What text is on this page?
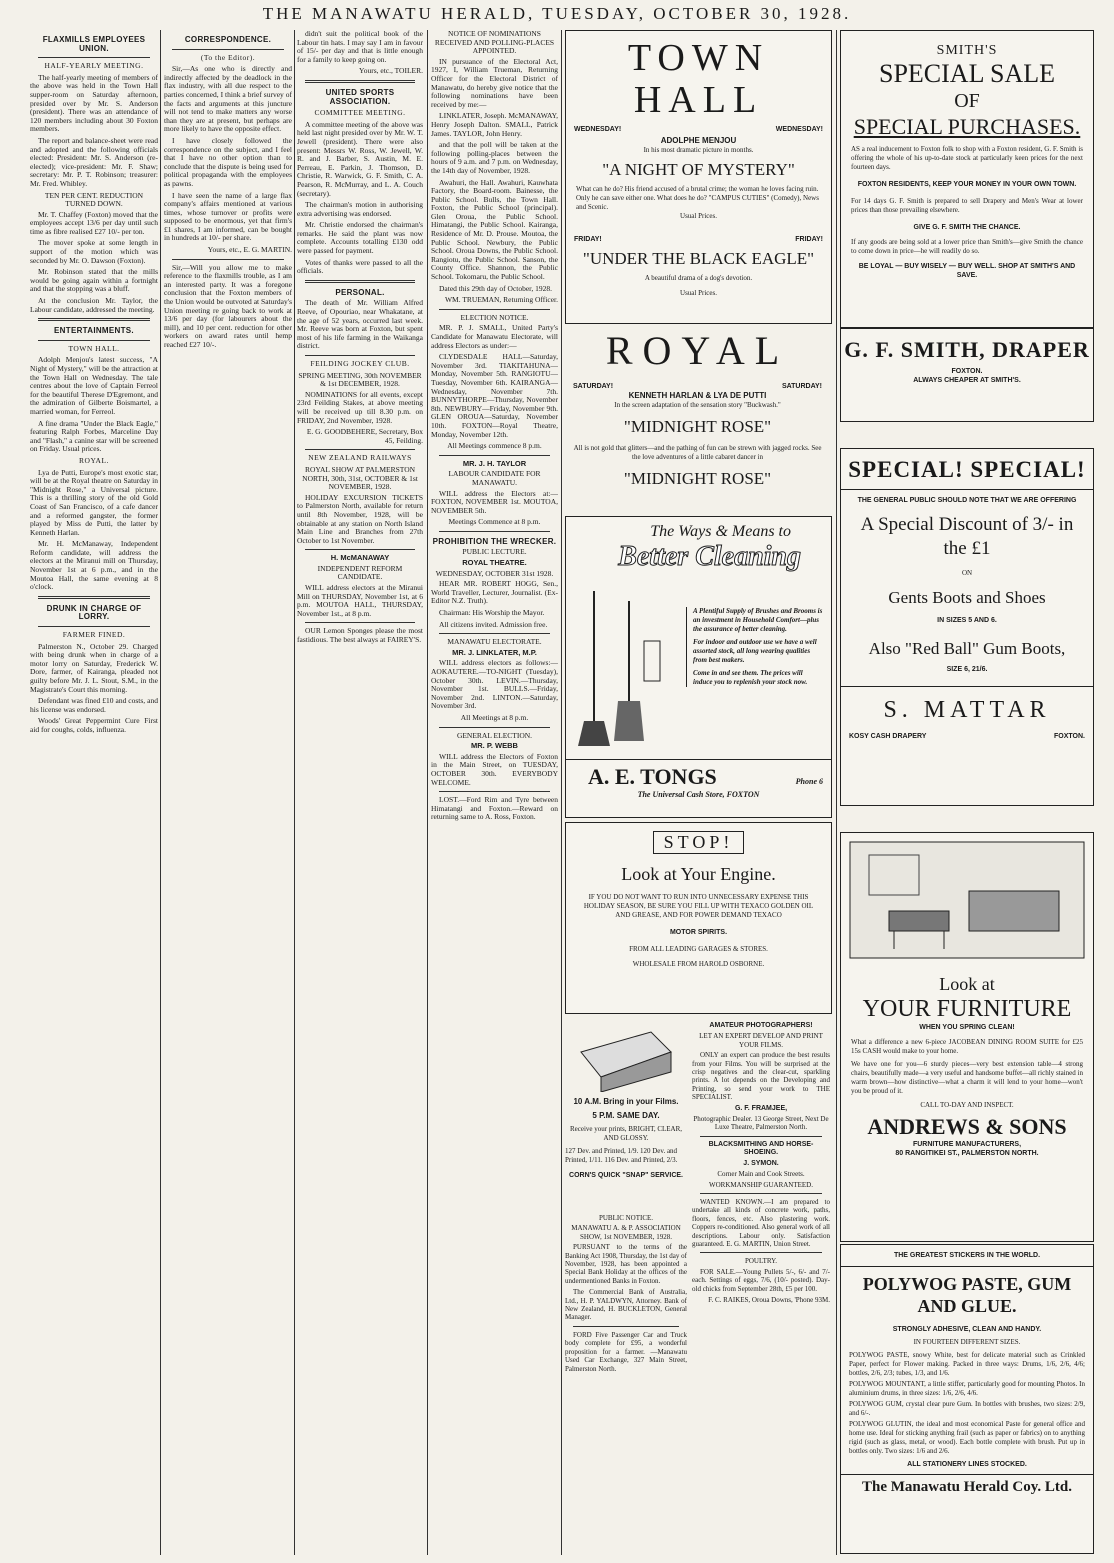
THE MANAWATU HERALD, TUESDAY, OCTOBER 30, 1928.
FLAXMILLS EMPLOYEES UNION.
HALF-YEARLY MEETING.

The half-yearly meeting of members of the above was held in the Town Hall supper-room on Saturday afternoon, presided over by Mr. S. Anderson (president). There was an attendance of 120 members including about 30 Foxton members.

The report and balance-sheet were read and adopted and the following officials elected: President: Mr. S. Anderson (re-elected); vice-president: Mr. F. Shaw; secretary: Mr. P. T. Robinson; treasurer: Mr. Fred. Whibley.

TEN PER CENT. REDUCTION TURNED DOWN.

Mr. T. Chaffey (Foxton) moved that the employees accept 13/6 per day until such time as fibre realised £27 10/- per ton.

The mover spoke at some length in support of the motion which was seconded by Mr. O. Dawson (Foxton).

Mr. Robinson stated that the mills would be going again within a fortnight and that the stopping was a bluff.

At the conclusion Mr. Taylor, the Labour candidate, addressed the meeting.

ENTERTAINMENTS.
TOWN HALL.

Adolph Menjou's latest success, "A Night of Mystery," will be the attraction at the Town Hall on Wednesday. The tale centres about the love of Captain Ferreol for the beautiful Therese D'Egremont, and the admiration of Gilberte Boismartel, a married woman, for Ferreol.

A fine drama "Under the Black Eagle," featuring Ralph Forbes, Marceline Day and "Flash," a canine star will be screened on Friday. Usual prices.

ROYAL.

Lya de Putti, Europe's most exotic star, will be at the Royal theatre on Saturday in "Midnight Rose," a Universal picture. This is a thrilling story of the old Gold Coast of San Francisco, of a cafe dancer and a reformed gangster, the former played by Miss de Putti, the latter by Kenneth Harlan.

Mr. H. McManaway, Independent Reform candidate, will address the electors at the Miranui mill on Thursday, November 1st at 6 p.m., and in the Moutoa Hall, the same evening at 8 o'clock.

DRUNK IN CHARGE OF LORRY.
FARMER FINED.

Palmerston N., October 29. Charged with being drunk when in charge of a motor lorry on Saturday, Frederick W. Dore, farmer, of Kairanga, pleaded not guilty before Mr. J. L. Stout, S.M., in the Magistrate's Court this morning.

Defendant was fined £10 and costs, and his license was endorsed.

Woods' Great Peppermint Cure First aid for coughs, colds, influenza.

CORRESPONDENCE.
(To the Editor).

Sir,—As one who is directly and indirectly affected by the deadlock in the flax industry, with all due respect to the parties concerned, I think a brief survey of the facts and arguments at this juncture will not tend to make matters any worse than they are at present, but perhaps are more likely to have the opposite effect.

I have closely followed the correspondence on the subject, and I feel that I have no other option than to conclude that the dispute is being used for political propaganda with the employees as pawns.

I have seen the name of a large flax company's affairs mentioned at various times, whose turnover or profits were supposed to be enormous, yet that firm's £1 shares, I am informed, can be bought in hundreds at 10/- per share.

Yours, etc., E. G. MARTIN.

Sir,—Will you allow me to make reference to the flaxmills trouble, as I am an interested party. It was a foregone conclusion that the Foxton members of the Union would be outvoted at Saturday's Union meeting re going back to work at 13/6 per day (for labourers about the mill), and 10 per cent. reduction for other workers on award rates until hemp reached £27 10/-.

didn't suit the political book of the Labour tin hats. I may say I am in favour of 15/- per day and that is little enough for a family to keep going on.

Yours, etc., TOILER.

UNITED SPORTS ASSOCIATION.
COMMITTEE MEETING.

A committee meeting of the above was held last night presided over by Mr. W. T. Jewell (president). There were also present: Messrs W. Ross, W. Jewell, W. R. and J. Barber, S. Austin, M. E. Perreau, E. Parkin, J. Thomson, D. Christie, R. Warwick, G. F. Smith, C. A. Pearson, R. McMurray, and L. A. Couch (secretary).

The chairman's motion in authorising extra advertising was endorsed.

Mr. Christie endorsed the chairman's remarks. He said the plant was now complete. Accounts totalling £130 odd were passed for payment.

Votes of thanks were passed to all the officials.

PERSONAL.

The death of Mr. William Alfred Reeve, of Opouriao, near Whakatane, at the age of 52 years, occurred last week. Mr. Reeve was born at Foxton, but spent most of his life farming in the Waikanga district.

FEILDING JOCKEY CLUB.

SPRING MEETING, 30th NOVEMBER & 1st DECEMBER, 1928.

NOMINATIONS for all events, except 23rd Feilding Stakes, at above meeting will be received up till 8.30 p.m. on FRIDAY, 2nd November, 1928.

E. G. GOODBEHERE, Secretary, Box 45, Feilding.

NEW ZEALAND RAILWAYS

ROYAL SHOW AT PALMERSTON NORTH, 30th, 31st, OCTOBER & 1st NOVEMBER, 1928.

HOLIDAY EXCURSION TICKETS to Palmerston North, available for return until 8th November, 1928, will be obtainable at any station on North Island Main Line and Branches from 27th October to 1st November.

H. McMANAWAY

INDEPENDENT REFORM CANDIDATE.

WILL address electors at the Miranui Mill on THURSDAY, November 1st, at 6 p.m. MOUTOA HALL, THURSDAY, November 1st., at 8 p.m.

OUR Lemon Sponges please the most fastidious. The best always at FAIREY'S.

NOTICE OF NOMINATIONS RECEIVED AND POLLING-PLACES APPOINTED.

IN pursuance of the Electoral Act, 1927, I, William Trueman, Returning Officer for the Electoral District of Manawatu, do hereby give notice that the following nominations have been received by me:—

LINKLATER, Joseph. McMANAWAY, Henry Joseph Dalton. SMALL, Patrick James. TAYLOR, John Henry.

and that the poll will be taken at the following polling-places between the hours of 9 a.m. and 7 p.m. on Wednesday, the 14th day of November, 1928.

Awahuri, the Hall. Awahuri, Kauwhata Factory, the Board-room. Bainesse, the Public School. Bulls, the Town Hall. Foxton, the Public School (principal). Glen Oroua, the Public School. Himatangi, the Public School. Kairanga, Residence of Mr. D. Prouse. Moutoa, the Public School. Newbury, the Public School. Oroua Downs, the Public School. Rangiotu, the Public School. Sanson, the County Office. Shannon, the Public School. Tokomaru, the Public School.

Dated this 29th day of October, 1928.

WM. TRUEMAN, Returning Officer.

ELECTION NOTICE.

MR. P. J. SMALL, United Party's Candidate for Manawatu Electorate, will address Electors as under:—

CLYDESDALE HALL—Saturday, November 3rd. TIAKITAHUNA—Monday, November 5th. RANGIOTU—Tuesday, November 6th. KAIRANGA—Wednesday, November 7th. BUNNYTHORPE—Thursday, November 8th. NEWBURY—Friday, November 9th. GLEN OROUA—Saturday, November 10th. FOXTON—Royal Theatre, Monday, November 12th.

All Meetings commence 8 p.m.

MR. J. H. TAYLOR

LABOUR CANDIDATE FOR MANAWATU.

WILL address the Electors at:— FOXTON, NOVEMBER 1st. MOUTOA, NOVEMBER 5th.

Meetings Commence at 8 p.m.

PROHIBITION THE WRECKER.

PUBLIC LECTURE.

ROYAL THEATRE.

WEDNESDAY, OCTOBER 31st 1928.

HEAR MR. ROBERT HOGG, Sen., World Traveller, Lecturer, Journalist. (Ex-Editor N.Z. Truth).

Chairman: His Worship the Mayor.

All citizens invited. Admission free.

MANAWATU ELECTORATE.

MR. J. LINKLATER, M.P.

WILL address electors as follows:— AOKAUTERE.—TO-NIGHT (Tuesday), October 30th. LEVIN.—Thursday, November 1st. BULLS.—Friday, November 2nd. LINTON.—Saturday, November 3rd.

All Meetings at 8 p.m.

GENERAL ELECTION.

MR. P. WEBB

WILL address the Electors of Foxton in the Main Street, on TUESDAY, OCTOBER 30th. EVERYBODY WELCOME.

LOST.—Ford Rim and Tyre between Himatangi and Foxton.—Reward on returning same to A. Ross, Foxton.

TOWN HALL
WEDNESDAY!	WEDNESDAY!
ADOLPHE MENJOU
In his most dramatic picture in months.
"A NIGHT OF MYSTERY"
What can he do? His friend accused of a brutal crime; the woman he loves facing ruin. Only he can save either one. What does he do? "CAMPUS CUTIES" (Comedy), News and Scenic.
Usual Prices.
FRIDAY!	FRIDAY!
"UNDER THE BLACK EAGLE"
A beautiful drama of a dog's devotion.
Usual Prices.
ROYAL
SATURDAY!	SATURDAY!
KENNETH HARLAN & LYA DE PUTTI
In the screen adaptation of the sensation story "Buckwash."
"MIDNIGHT ROSE"
All is not gold that glitters—and the pathing of fun can be strewn with jagged rocks. See the love adventures of a little cabaret dancer in
"MIDNIGHT ROSE"
The Ways & Means to
Better Cleaning

A Plentiful Supply of Brushes and Brooms is an investment in Household Comfort—plus the assurance of better cleaning.

For indoor and outdoor use we have a well assorted stock, all long wearing qualities from best makers.

Come in and see them. The prices will induce you to replenish your stock now.

A. E. TONGS	Phone 6
The Universal Cash Store, FOXTON
STOP!
Look at Your Engine.
IF YOU DO NOT WANT TO RUN INTO UNNECESSARY EXPENSE THIS HOLIDAY SEASON, BE SURE YOU FILL UP WITH TEXACO GOLDEN OIL AND GREASE, AND FOR POWER DEMAND TEXACO
MOTOR SPIRITS.
FROM ALL LEADING GARAGES & STORES.
WHOLESALE FROM HAROLD OSBORNE.
10 A.M. Bring in your Films.
5 P.M. SAME DAY.
Receive your prints, BRIGHT, CLEAR, AND GLOSSY.
127 Dev. and Printed, 1/9. 120 Dev. and Printed, 1/11. 116 Dev. and Printed, 2/3.
CORN'S QUICK "SNAP" SERVICE.

AMATEUR PHOTOGRAPHERS!

LET AN EXPERT DEVELOP AND PRINT YOUR FILMS.

ONLY an expert can produce the best results from your Films. You will be surprised at the crisp negatives and the clear-cut, sparkling prints. A lot depends on the Developing and Printing, so send your work to THE SPECIALIST.

G. F. FRAMJEE,

Photographic Dealer. 13 George Street, Next De Luxe Theatre, Palmerston North.

BLACKSMITHING AND HORSE-SHOEING.

J. SYMON.

Corner Main and Cook Streets.

WORKMANSHIP GUARANTEED.

WANTED KNOWN.—I am prepared to undertake all kinds of concrete work, paths, floors, fences, etc. Also plastering work. Coppers re-conditioned. Also general work of all descriptions. Labour only. Satisfaction guaranteed. E. G. MARTIN, Union Street.

POULTRY.

FOR SALE.—Young Pullets 5/-, 6/- and 7/- each. Settings of eggs, 7/6, (10/- posted). Day-old chicks from September 28th, £5 per 100.

F. C. RAIKES, Oroua Downs, 'Phone 93M.

PUBLIC NOTICE.

MANAWATU A. & P. ASSOCIATION SHOW, 1st NOVEMBER, 1928.

PURSUANT to the terms of the Banking Act 1908, Thursday, the 1st day of November, 1928, has been appointed a Special Bank Holiday at the offices of the undermentioned Banks in Foxton.

The Commercial Bank of Australia, Ltd., H. P. YALDWYN, Attorney. Bank of New Zealand, H. BUCKLETON, General Manager.

FORD Five Passenger Car and Truck body complete for £95, a wonderful proposition for a farmer. —Manawatu Used Car Exchange, 327 Main Street, Palmerston North.

SMITH'S
SPECIAL SALE
OF
SPECIAL PURCHASES.
AS a real inducement to Foxton folk to shop with a Foxton resident, G. F. Smith is offering the whole of his up-to-date stock at particularly keen prices for the next fourteen days.
FOXTON RESIDENTS, KEEP YOUR MONEY IN YOUR OWN TOWN.
For 14 days G. F. Smith is prepared to sell Drapery and Men's Wear at lower prices than those prevailing elsewhere.
GIVE G. F. SMITH THE CHANCE.
If any goods are being sold at a lower price than Smith's—give Smith the chance to come down in price—he will readily do so.
BE LOYAL — BUY WISELY — BUY WELL. SHOP AT SMITH'S AND SAVE.
G. F. SMITH, DRAPER
FOXTON.
ALWAYS CHEAPER AT SMITH'S.
SPECIAL! SPECIAL!
THE GENERAL PUBLIC SHOULD NOTE THAT WE ARE OFFERING
A Special Discount of 3/- in the £1
ON
Gents Boots and Shoes
IN SIZES 5 AND 6.
Also "Red Ball" Gum Boots,
SIZE 6, 21/6.
S. MATTAR
KOSY CASH DRAPERY	FOXTON.
Look at
YOUR FURNITURE
WHEN YOU SPRING CLEAN!
What a difference a new 6-piece JACOBEAN DINING ROOM SUITE for £25 15s CASH would make to your home.
We have one for you—6 sturdy pieces—very best extension table—4 strong chairs, beautifully made—a very useful and handsome buffet—all richly stained in warm brown—how distinctive—what a charm it will lend to your home—won't you be proud of it.
CALL TO-DAY AND INSPECT.
ANDREWS & SONS
FURNITURE MANUFACTURERS,
80 RANGITIKEI ST., PALMERSTON NORTH.
THE GREATEST STICKERS IN THE WORLD.
POLYWOG PASTE, GUM AND GLUE.
STRONGLY ADHESIVE, CLEAN AND HANDY.
IN FOURTEEN DIFFERENT SIZES.
POLYWOG PASTE, snowy White, best for delicate material such as Crinkled Paper, perfect for Flower making. Packed in three ways: Drums, 1/6, 2/6, 4/6; bottles, 2/6, 2/3; tubes, 1/3, and 1/6.
POLYWOG MOUNTANT, a little stiffer, particularly good for mounting Photos. In aluminium drums, in three sizes: 1/6, 2/6, 4/6.
POLYWOG GUM, crystal clear pure Gum. In bottles with brushes, two sizes: 2/9, and 6/-.
POLYWOG GLUTIN, the ideal and most economical Paste for general office and home use. Ideal for sticking anything frail (such as paper or fabrics) on to anything rigid (such as glass, metal, or wood). Each bottle complete with brush. Put up in bottles only. Two sizes: 1/6 and 2/6.
ALL STATIONERY LINES STOCKED.
The Manawatu Herald Coy. Ltd.
